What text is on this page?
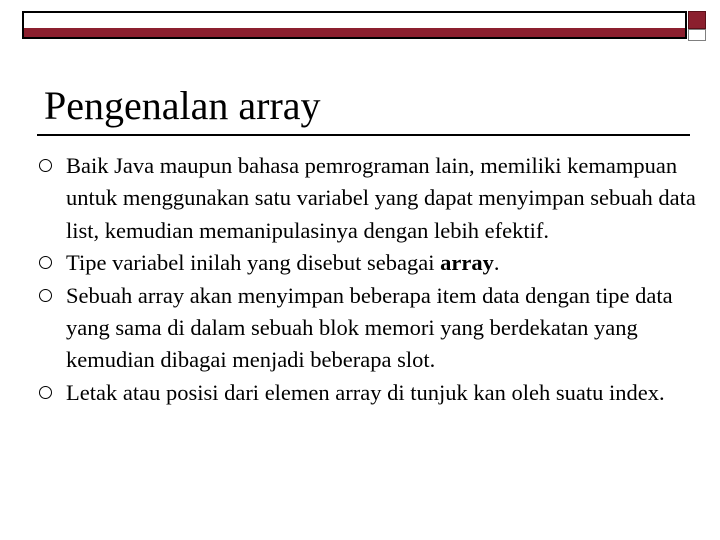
Pengenalan array
Baik Java maupun bahasa pemrograman lain, memiliki kemampuan untuk menggunakan satu variabel yang dapat menyimpan sebuah data list, kemudian memanipulasinya dengan lebih efektif.
Tipe variabel inilah yang disebut sebagai array.
Sebuah array akan menyimpan beberapa item data dengan tipe data yang sama di dalam sebuah blok memori yang berdekatan yang kemudian dibagai menjadi beberapa slot.
Letak atau posisi dari elemen array di tunjuk kan oleh suatu index.
